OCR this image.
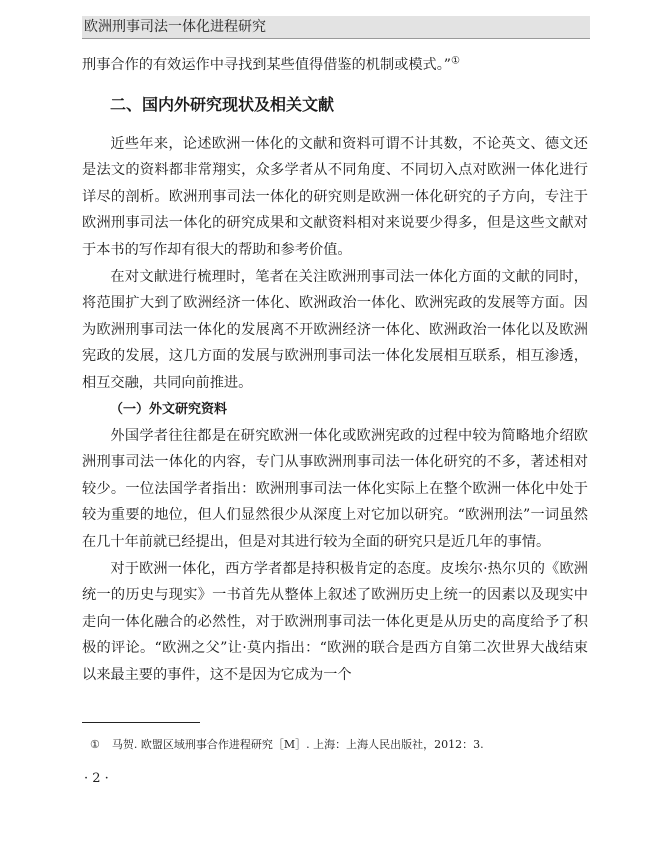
欧洲刑事司法一体化进程研究

刑事合作的有效运作中寻找到某些值得借鉴的机制或模式。”①

二、国内外研究现状及相关文献

近些年来，论述欧洲一体化的文献和资料可谓不计其数，不论英文、德文还是法文的资料都非常翔实，众多学者从不同角度、不同切入点对欧洲一体化进行详尽的剖析。欧洲刑事司法一体化的研究则是欧洲一体化研究的子方向，专注于欧洲刑事司法一体化的研究成果和文献资料相对来说要少得多，但是这些文献对于本书的写作却有很大的帮助和参考价值。

在对文献进行梳理时，笔者在关注欧洲刑事司法一体化方面的文献的同时，将范围扩大到了欧洲经济一体化、欧洲政治一体化、欧洲宪政的发展等方面。因为欧洲刑事司法一体化的发展离不开欧洲经济一体化、欧洲政治一体化以及欧洲宪政的发展，这几方面的发展与欧洲刑事司法一体化发展相互联系，相互渗透，相互交融，共同向前推进。

（一）外文研究资料

外国学者往往都是在研究欧洲一体化或欧洲宪政的过程中较为简略地介绍欧洲刑事司法一体化的内容，专门从事欧洲刑事司法一体化研究的不多，著述相对较少。一位法国学者指出：欧洲刑事司法一体化实际上在整个欧洲一体化中处于较为重要的地位，但人们显然很少从深度上对它加以研究。“欧洲刑法”一词虽然在几十年前就已经提出，但是对其进行较为全面的研究只是近几年的事情。

对于欧洲一体化，西方学者都是持积极肯定的态度。皮埃尔·热尔贝的《欧洲统一的历史与现实》一书首先从整体上叙述了欧洲历史上统一的因素以及现实中走向一体化融合的必然性，对于欧洲刑事司法一体化更是从历史的高度给予了积极的评论。“欧洲之父”让·莫内指出：“欧洲的联合是西方自第二次世界大战结束以来最主要的事件，这不是因为它成为一个

① 马贺. 欧盟区域刑事合作进程研究［M］. 上海：上海人民出版社，2012：3.
· 2 ·
